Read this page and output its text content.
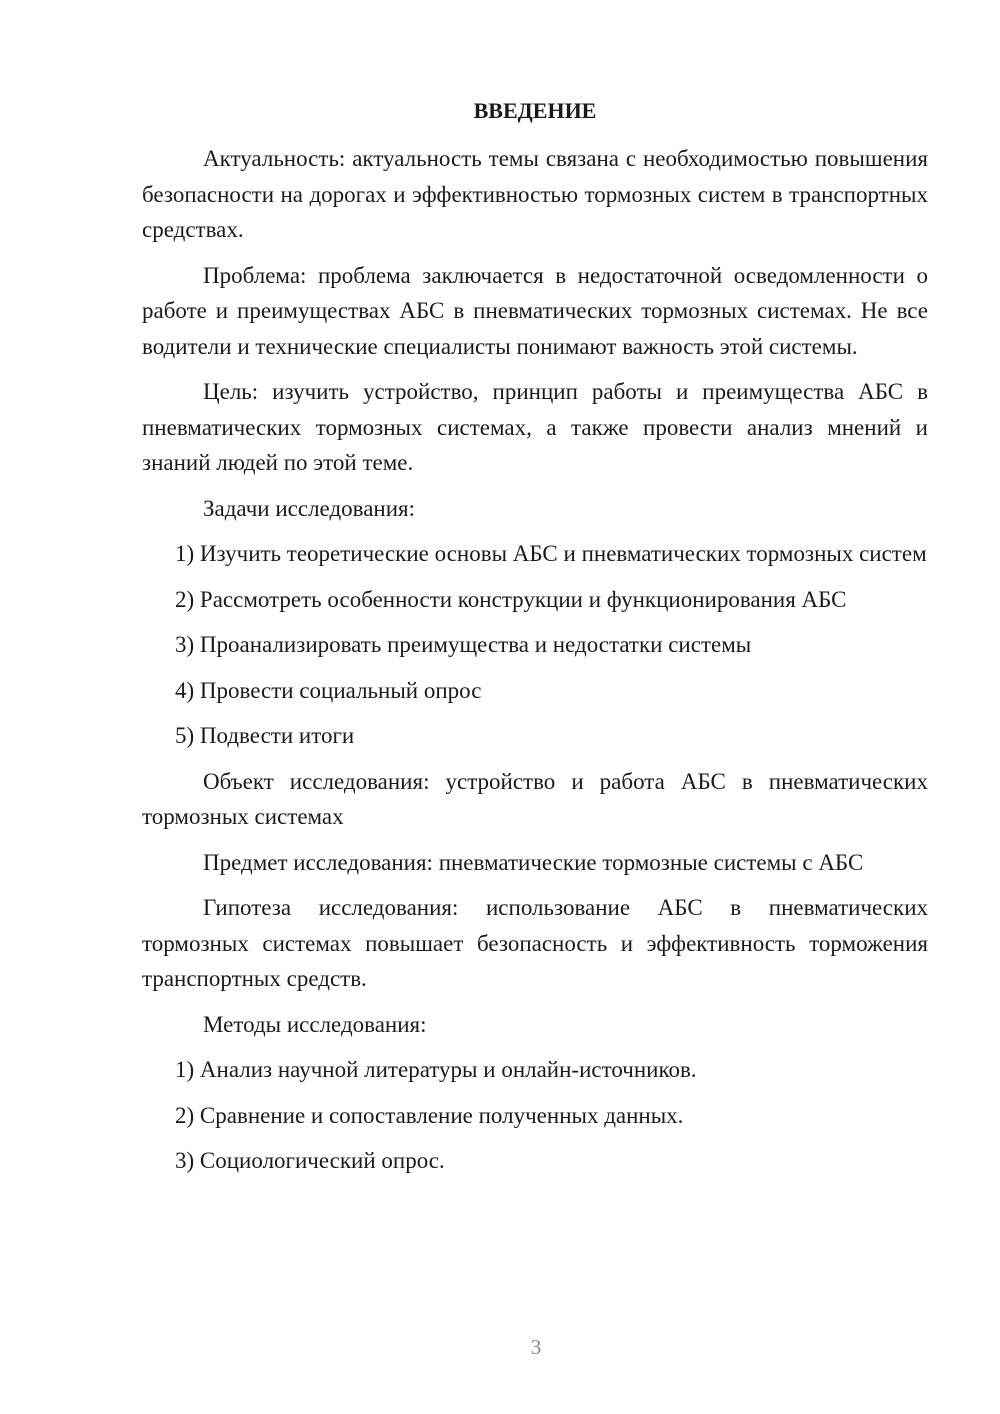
ВВЕДЕНИЕ

Актуальность: актуальность темы связана с необходимостью повышения безопасности на дорогах и эффективностью тормозных систем в транспортных средствах.

Проблема: проблема заключается в недостаточной осведомленности о работе и преимуществах АБС в пневматических тормозных системах. Не все водители и технические специалисты понимают важность этой системы.

Цель: изучить устройство, принцип работы и преимущества АБС в пневматических тормозных системах, а также провести анализ мнений и знаний людей по этой теме.

Задачи исследования:

1) Изучить теоретические основы АБС и пневматических тормозных систем

2) Рассмотреть особенности конструкции и функционирования АБС

3) Проанализировать преимущества и недостатки системы

4) Провести социальный опрос

5) Подвести итоги

Объект исследования: устройство и работа АБС в пневматических тормозных системах

Предмет исследования: пневматические тормозные системы с АБС

Гипотеза исследования: использование АБС в пневматических тормозных системах повышает безопасность и эффективность торможения транспортных средств.

Методы исследования:

1) Анализ научной литературы и онлайн-источников.

2) Сравнение и сопоставление полученных данных.

3) Социологический опрос.

3
